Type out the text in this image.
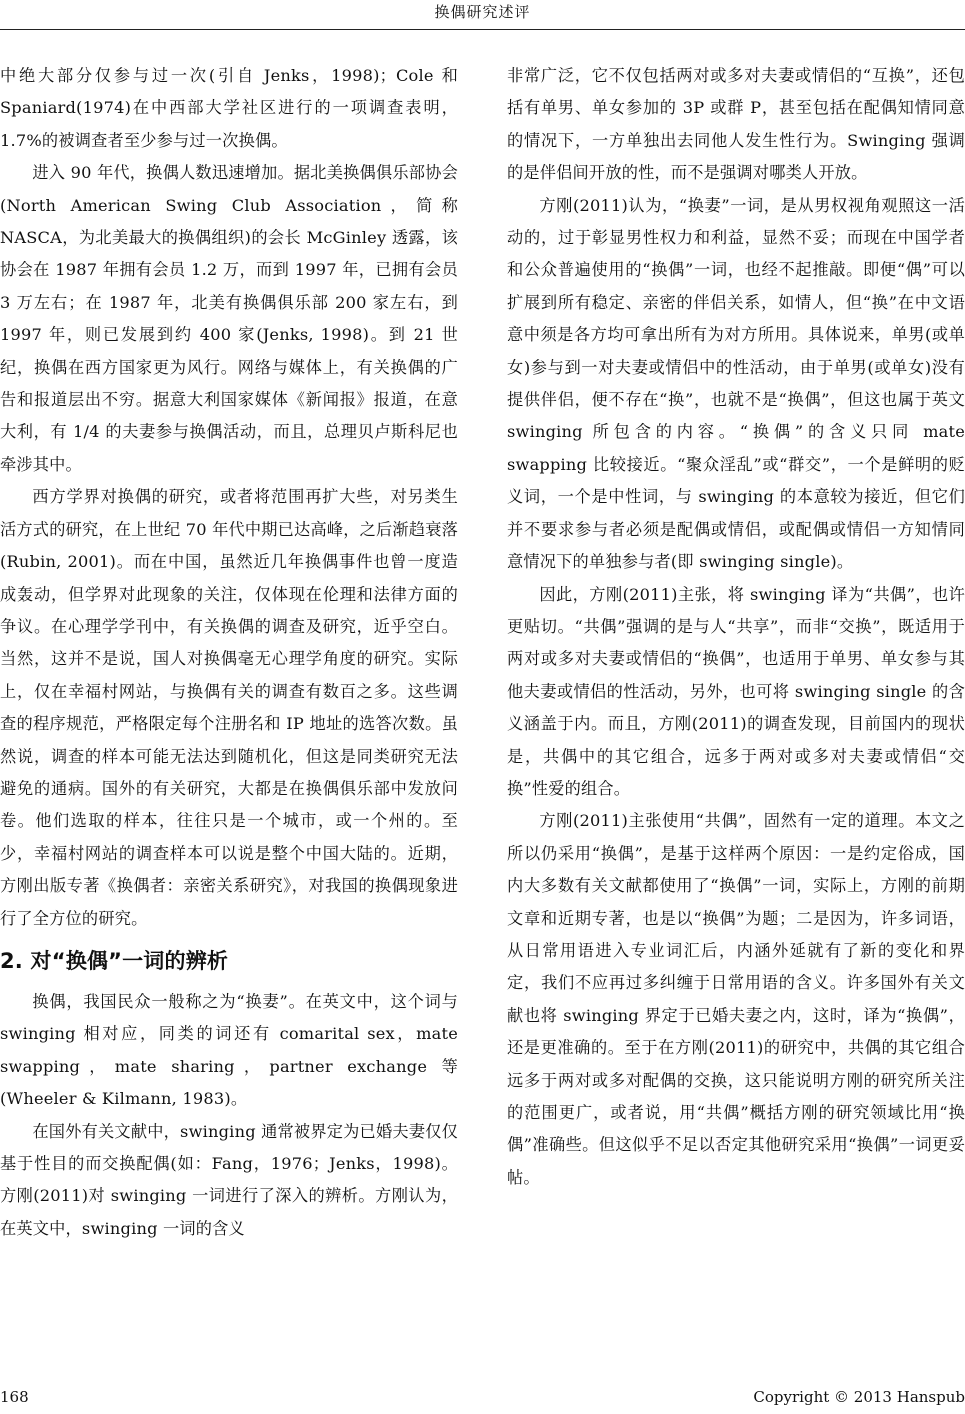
换偶研究述评

中绝大部分仅参与过一次(引自 Jenks，1998)；Cole 和 Spaniard(1974)在中西部大学社区进行的一项调查表明，1.7%的被调查者至少参与过一次换偶。

进入 90 年代，换偶人数迅速增加。据北美换偶俱乐部协会(North American Swing Club Association，简称 NASCA，为北美最大的换偶组织)的会长 McGinley 透露，该协会在 1987 年拥有会员 1.2 万，而到 1997 年，已拥有会员 3 万左右；在 1987 年，北美有换偶俱乐部 200 家左右，到 1997 年，则已发展到约 400 家(Jenks, 1998)。到 21 世纪，换偶在西方国家更为风行。网络与媒体上，有关换偶的广告和报道层出不穷。据意大利国家媒体《新闻报》报道，在意大利，有 1/4 的夫妻参与换偶活动，而且，总理贝卢斯科尼也牵涉其中。

西方学界对换偶的研究，或者将范围再扩大些，对另类生活方式的研究，在上世纪 70 年代中期已达高峰，之后渐趋衰落(Rubin, 2001)。而在中国，虽然近几年换偶事件也曾一度造成轰动，但学界对此现象的关注，仅体现在伦理和法律方面的争议。在心理学学刊中，有关换偶的调查及研究，近乎空白。当然，这并不是说，国人对换偶毫无心理学角度的研究。实际上，仅在幸福村网站，与换偶有关的调查有数百之多。这些调查的程序规范，严格限定每个注册名和 IP 地址的选答次数。虽然说，调查的样本可能无法达到随机化，但这是同类研究无法避免的通病。国外的有关研究，大都是在换偶俱乐部中发放问卷。他们选取的样本，往往只是一个城市，或一个州的。至少，幸福村网站的调查样本可以说是整个中国大陆的。近期，方刚出版专著《换偶者：亲密关系研究》，对我国的换偶现象进行了全方位的研究。

2. 对“换偶”一词的辨析

换偶，我国民众一般称之为“换妻”。在英文中，这个词与 swinging 相对应，同类的词还有 comarital sex，mate swapping，mate sharing，partner exchange 等(Wheeler & Kilmann, 1983)。

在国外有关文献中，swinging 通常被界定为已婚夫妻仅仅基于性目的而交换配偶(如：Fang，1976；Jenks，1998)。方刚(2011)对 swinging 一词进行了深入的辨析。方刚认为，在英文中，swinging 一词的含义

非常广泛，它不仅包括两对或多对夫妻或情侣的“互换”，还包括有单男、单女参加的 3P 或群 P，甚至包括在配偶知情同意的情况下，一方单独出去同他人发生性行为。Swinging 强调的是伴侣间开放的性，而不是强调对哪类人开放。

方刚(2011)认为，“换妻”一词，是从男权视角观照这一活动的，过于彰显男性权力和利益，显然不妥；而现在中国学者和公众普遍使用的“换偶”一词，也经不起推敲。即便“偶”可以扩展到所有稳定、亲密的伴侣关系，如情人，但“换”在中文语意中须是各方均可拿出所有为对方所用。具体说来，单男(或单女)参与到一对夫妻或情侣中的性活动，由于单男(或单女)没有提供伴侣，便不存在“换”，也就不是“换偶”，但这也属于英文 swinging 所包含的内容。“换偶”的含义只同 mate swapping 比较接近。“聚众淫乱”或“群交”，一个是鲜明的贬义词，一个是中性词，与 swinging 的本意较为接近，但它们并不要求参与者必须是配偶或情侣，或配偶或情侣一方知情同意情况下的单独参与者(即 swinging single)。

因此，方刚(2011)主张，将 swinging 译为“共偶”，也许更贴切。“共偶”强调的是与人“共享”，而非“交换”，既适用于两对或多对夫妻或情侣的“换偶”，也适用于单男、单女参与其他夫妻或情侣的性活动，另外，也可将 swinging single 的含义涵盖于内。而且，方刚(2011)的调查发现，目前国内的现状是，共偶中的其它组合，远多于两对或多对夫妻或情侣“交换”性爱的组合。

方刚(2011)主张使用“共偶”，固然有一定的道理。本文之所以仍采用“换偶”，是基于这样两个原因：一是约定俗成，国内大多数有关文献都使用了“换偶”一词，实际上，方刚的前期文章和近期专著，也是以“换偶”为题；二是因为，许多词语，从日常用语进入专业词汇后，内涵外延就有了新的变化和界定，我们不应再过多纠缠于日常用语的含义。许多国外有关文献也将 swinging 界定于已婚夫妻之内，这时，译为“换偶”，还是更准确的。至于在方刚(2011)的研究中，共偶的其它组合远多于两对或多对配偶的交换，这只能说明方刚的研究所关注的范围更广，或者说，用“共偶”概括方刚的研究领域比用“换偶”准确些。但这似乎不足以否定其他研究采用“换偶”一词更妥帖。

168	Copyright © 2013 Hanspub
